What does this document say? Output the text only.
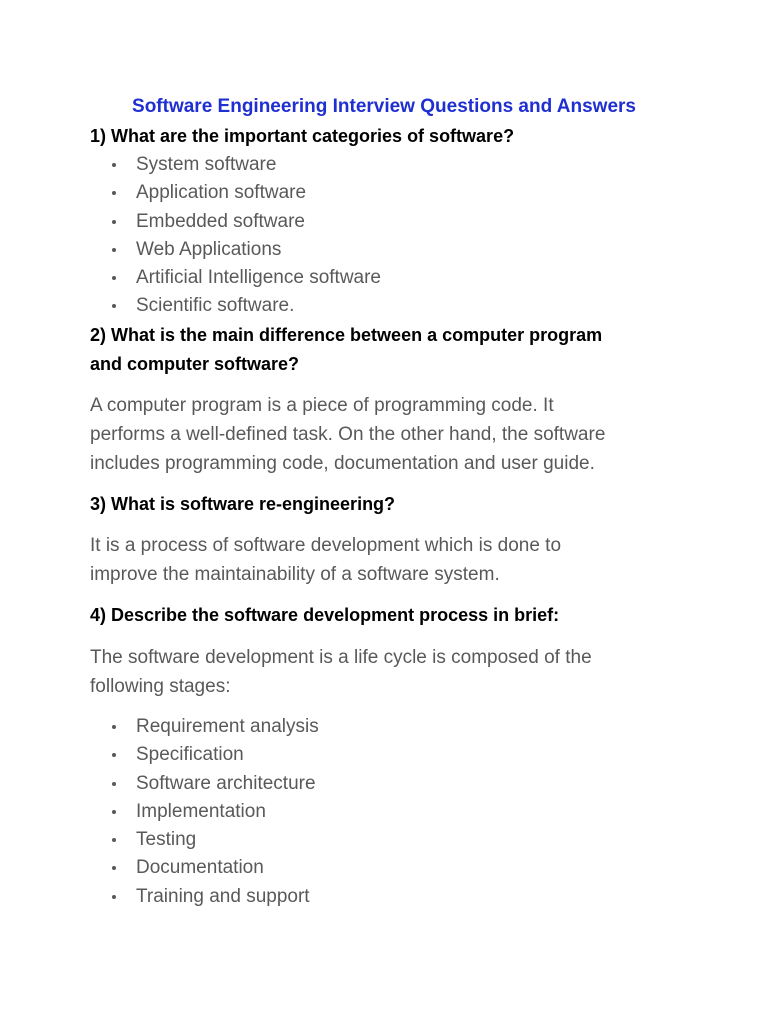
Software Engineering Interview Questions and Answers

1) What are the important categories of software?

System software
Application software
Embedded software
Web Applications
Artificial Intelligence software
Scientific software.

2) What is the main difference between a computer program

and computer software?

A computer program is a piece of programming code. It

performs a well-defined task. On the other hand, the software

includes programming code, documentation and user guide.

3) What is software re-engineering?

It is a process of software development which is done to

improve the maintainability of a software system.

4) Describe the software development process in brief:

The software development is a life cycle is composed of the

following stages:

Requirement analysis
Specification
Software architecture
Implementation
Testing
Documentation
Training and support
